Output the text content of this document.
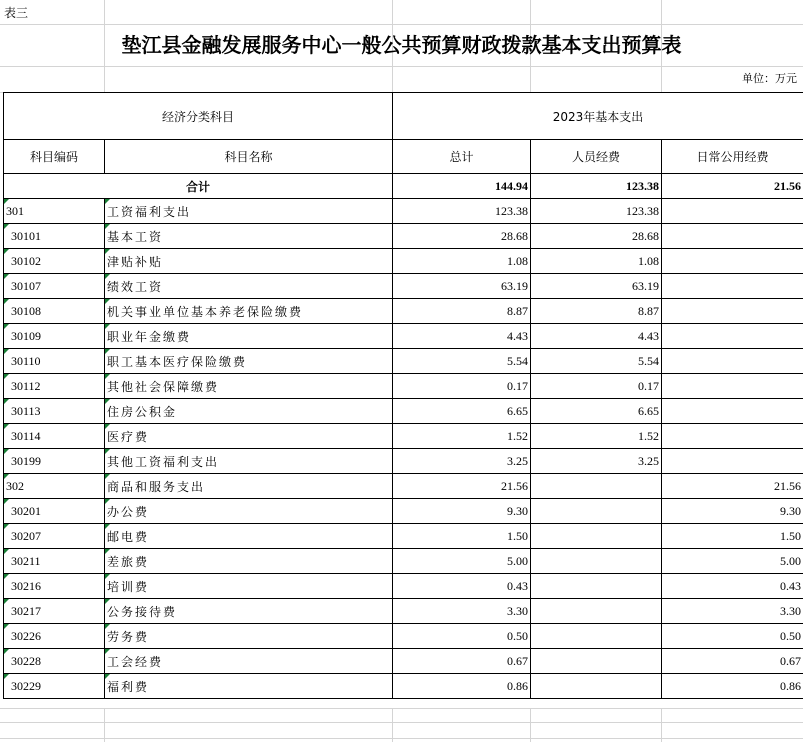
表三
垫江县金融发展服务中心一般公共预算财政拨款基本支出预算表
单位：万元
经济分类科目		2023年基本支出		
科目编码	科目名称	总计	人员经费	日常公用经费
合计		144.94	123.38	21.56
301	工资福利支出	123.38	123.38	
30101	基本工资	28.68	28.68	
30102	津贴补贴	1.08	1.08	
30107	绩效工资	63.19	63.19	
30108	机关事业单位基本养老保险缴费	8.87	8.87	
30109	职业年金缴费	4.43	4.43	
30110	职工基本医疗保险缴费	5.54	5.54	
30112	其他社会保障缴费	0.17	0.17	
30113	住房公积金	6.65	6.65	
30114	医疗费	1.52	1.52	
30199	其他工资福利支出	3.25	3.25	
302	商品和服务支出	21.56		21.56
30201	办公费	9.30		9.30
30207	邮电费	1.50		1.50
30211	差旅费	5.00		5.00
30216	培训费	0.43		0.43
30217	公务接待费	3.30		3.30
30226	劳务费	0.50		0.50
30228	工会经费	0.67		0.67
30229	福利费	0.86		0.86
